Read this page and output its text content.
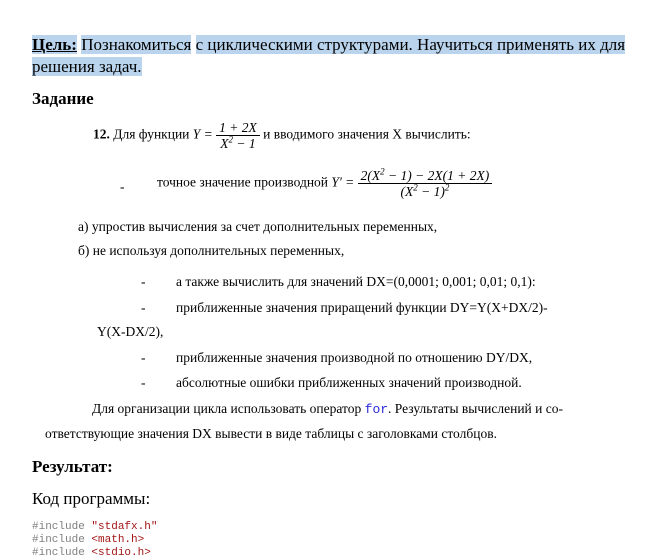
Цель: Познакомиться с циклическими структурами. Научиться применять их для решения задач.
Задание
12. Для функции $Y = \frac{1 + 2X}{X^2 - 1}$ и вводимого значения X вычислить:
- точное значение производной $Y' = \frac{2(X^2 - 1) - 2X(1 + 2X)}{(X^2 - 1)^2}$
а) упростив вычисления за счет дополнительных переменных,
б) не используя дополнительных переменных,
- а также вычислить для значений DX=(0,0001; 0,001; 0,01; 0,1):
- приближенные значения приращений функции DY=Y(X+DX/2)-
Y(X-DX/2),
- приближенные значения производной по отношению DY/DX,
- абсолютные ошибки приближенных значений производной.
Для организации цикла использовать оператор for. Результаты вычислений и со-
ответствующие значения DX вывести в виде таблицы с заголовками столбцов.
Результат:
Код программы:
#include "stdafx.h"
#include <math.h>
#include <stdio.h>
